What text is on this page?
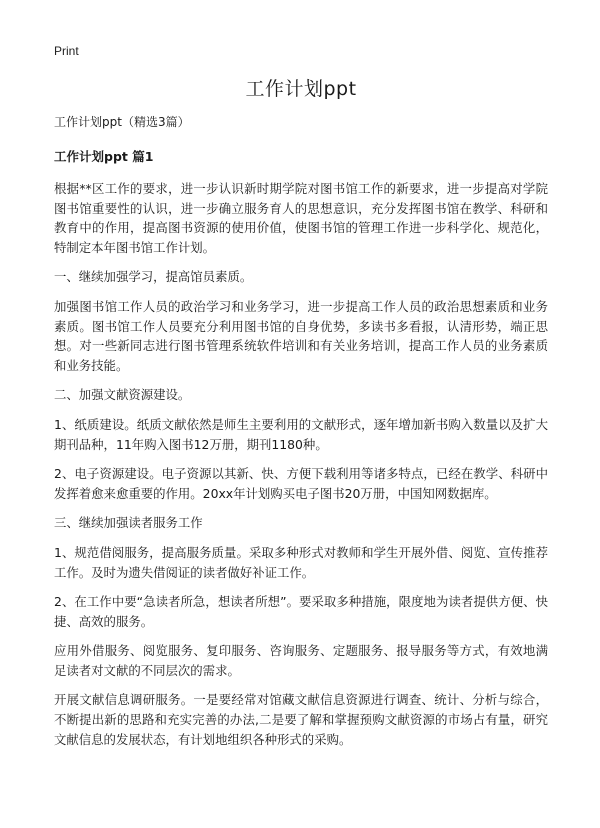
Print
工作计划ppt
工作计划ppt（精选3篇）
工作计划ppt 篇1

根据**区工作的要求，进一步认识新时期学院对图书馆工作的新要求，进一步提高对学院图书馆重要性的认识，进一步确立服务育人的思想意识，充分发挥图书馆在教学、科研和教育中的作用，提高图书资源的使用价值，使图书馆的管理工作进一步科学化、规范化，特制定本年图书馆工作计划。

一、继续加强学习，提高馆员素质。

加强图书馆工作人员的政治学习和业务学习，进一步提高工作人员的政治思想素质和业务素质。图书馆工作人员要充分利用图书馆的自身优势，多读书多看报，认清形势，端正思想。对一些新同志进行图书管理系统软件培训和有关业务培训，提高工作人员的业务素质和业务技能。

二、加强文献资源建设。

1、纸质建设。纸质文献依然是师生主要利用的文献形式，逐年增加新书购入数量以及扩大期刊品种，11年购入图书12万册，期刊1180种。

2、电子资源建设。电子资源以其新、快、方便下载利用等诸多特点，已经在教学、科研中发挥着愈来愈重要的作用。20xx年计划购买电子图书20万册，中国知网数据库。

三、继续加强读者服务工作

1、规范借阅服务，提高服务质量。采取多种形式对教师和学生开展外借、阅览、宣传推荐工作。及时为遗失借阅证的读者做好补证工作。

2、在工作中要“急读者所急，想读者所想”。要采取多种措施，限度地为读者提供方便、快捷、高效的服务。

应用外借服务、阅览服务、复印服务、咨询服务、定题服务、报导服务等方式，有效地满足读者对文献的不同层次的需求。

开展文献信息调研服务。一是要经常对馆藏文献信息资源进行调查、统计、分析与综合，不断提出新的思路和充实完善的办法,二是要了解和掌握预购文献资源的市场占有量，研究文献信息的发展状态，有计划地组织各种形式的采购。
